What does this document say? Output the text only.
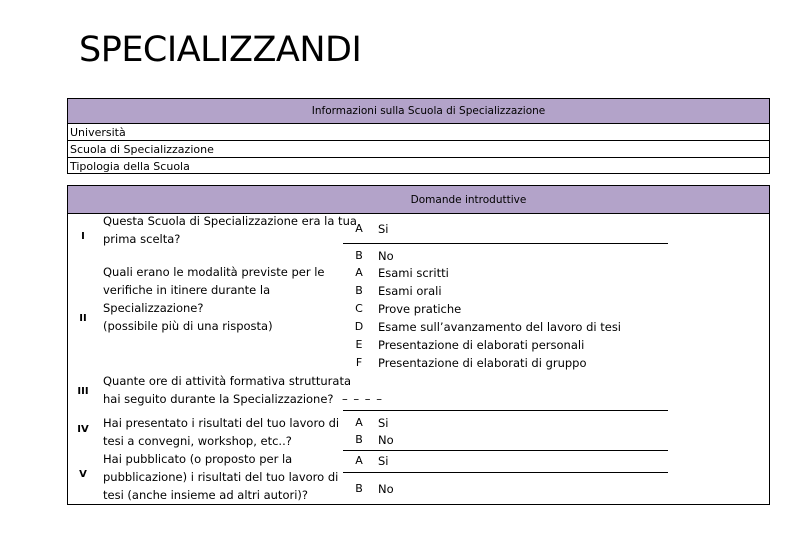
SPECIALIZZANDI
Informazioni sulla Scuola di Specializzazione
Università
Scuola di Specializzazione
Tipologia della Scuola
Domande introduttive
I
Questa Scuola di Specializzazione era la tua
prima scelta?
A Si
B No
II
Quali erano le modalità previste per le
verifiche in itinere durante la
Specializzazione?
(possibile più di una risposta)
A Esami scritti
B Esami orali
C Prove pratiche
D Esame sull’avanzamento del lavoro di tesi
E	Presentazione di elaborati personali
F	Presentazione di elaborati di gruppo
III
Quante ore di attività formativa strutturata
hai seguito durante la Specializzazione? – – – –
IV	Hai presentato i risultati del tuo lavoro di
tesi a convegni, workshop, etc..?
A Si
B No
V
Hai pubblicato (o proposto per la
pubblicazione) i risultati del tuo lavoro di
tesi (anche insieme ad altri autori)?
A Si
B No
